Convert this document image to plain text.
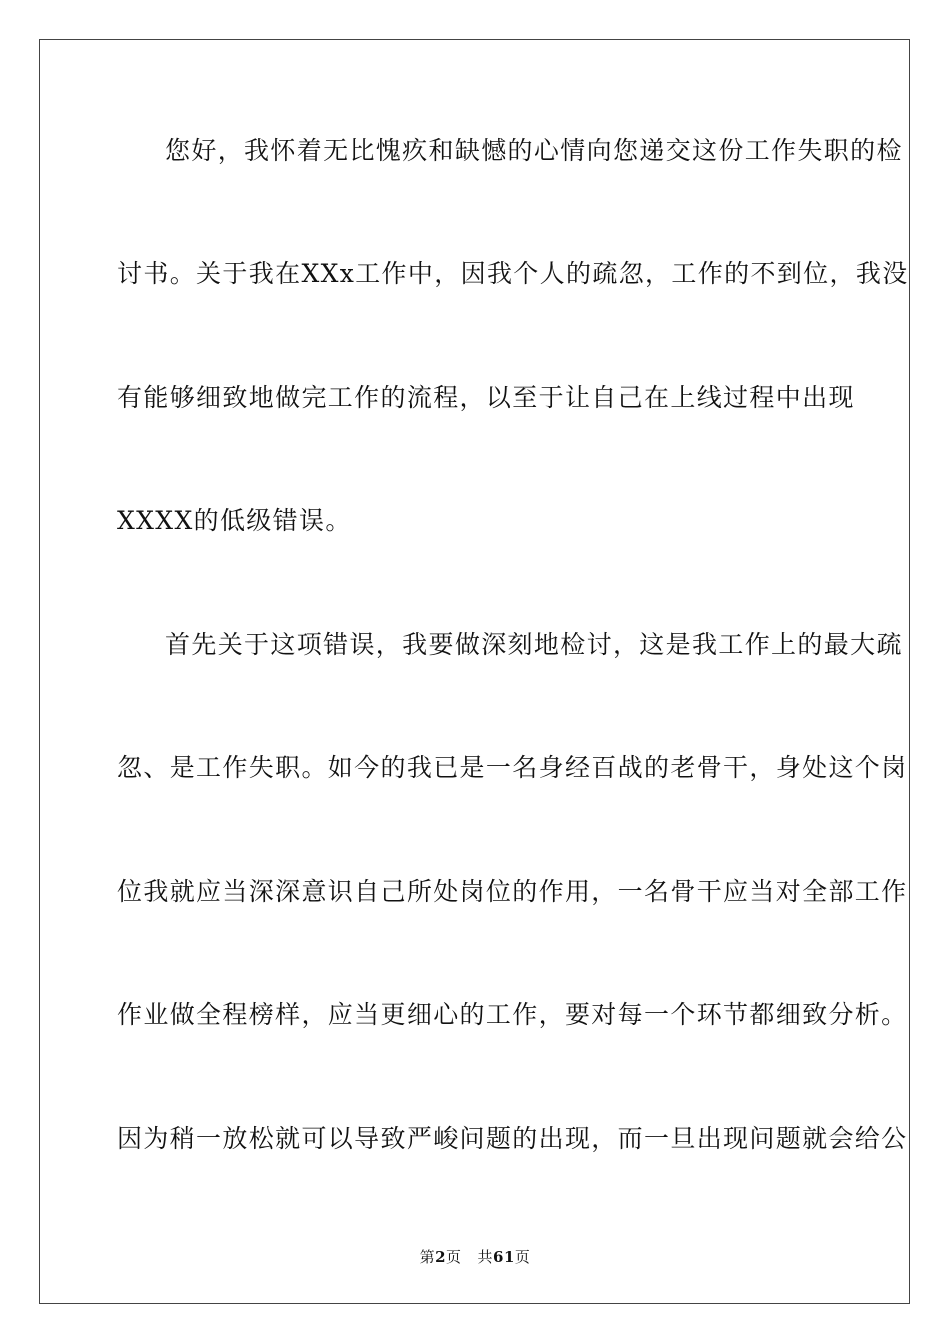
您好，我怀着无比愧疚和缺憾的心情向您递交这份工作失职的检
讨书。关于我在XXx工作中，因我个人的疏忽，工作的不到位，我没
有能够细致地做完工作的流程，以至于让自己在上线过程中出现
XXXX的低级错误。
首先关于这项错误，我要做深刻地检讨，这是我工作上的最大疏
忽、是工作失职。如今的我已是一名身经百战的老骨干，身处这个岗
位我就应当深深意识自己所处岗位的作用，一名骨干应当对全部工作
作业做全程榜样，应当更细心的工作，要对每一个环节都细致分析。
因为稍一放松就可以导致严峻问题的出现，而一旦出现问题就会给公
第2页 共61页
